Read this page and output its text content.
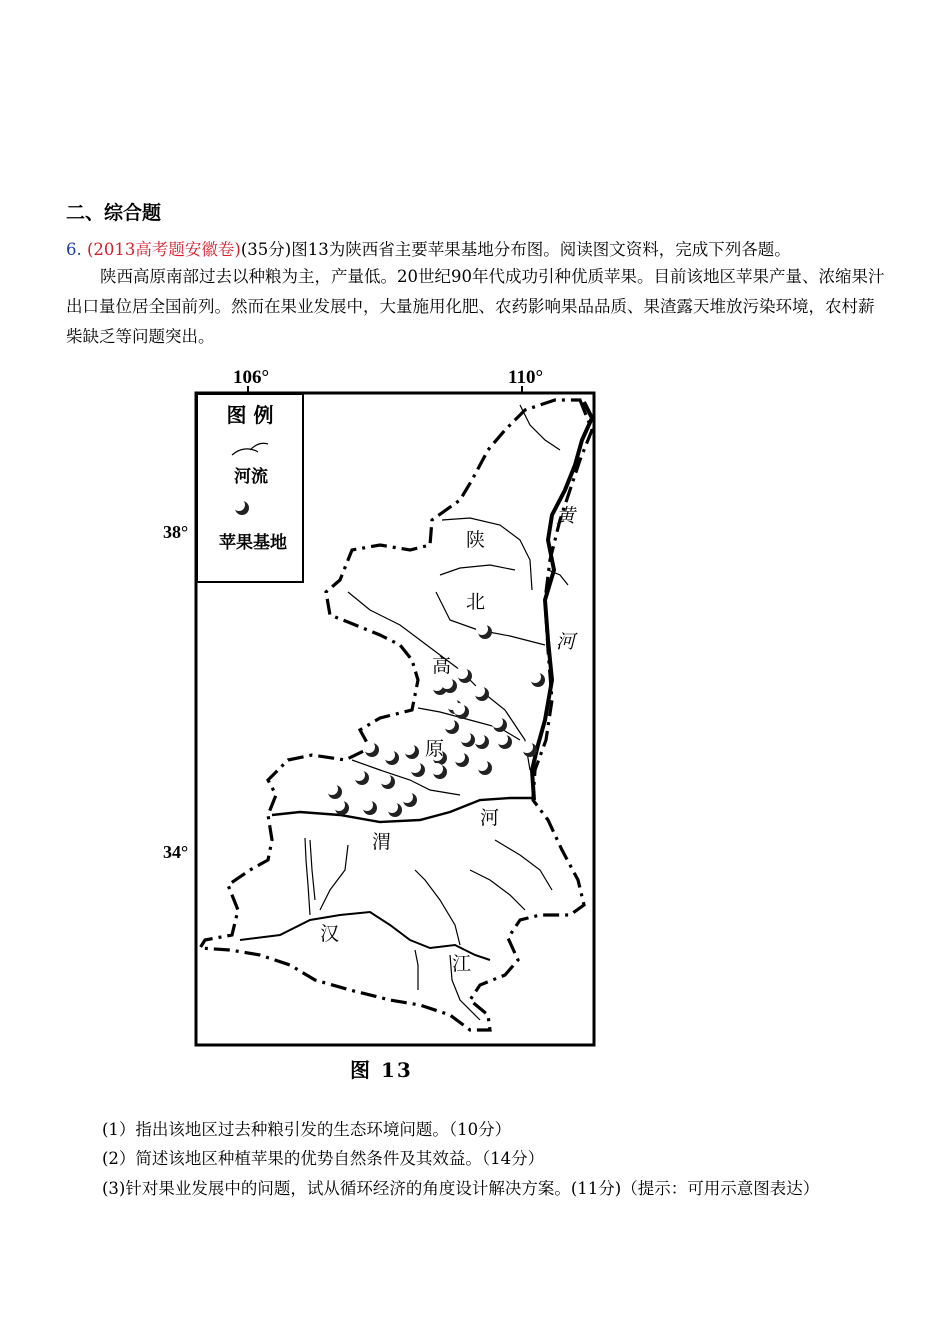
二、综合题
6. (2013高考题安徽卷)(35分)图13为陕西省主要苹果基地分布图。阅读图文资料，完成下列各题。
陕西高原南部过去以种粮为主，产量低。20世纪90年代成功引种优质苹果。目前该地区苹果产量、浓缩果汁出口量位居全国前列。然而在果业发展中，大量施用化肥、农药影响果品品质、果渣露天堆放污染环境，农村薪柴缺乏等问题突出。
106°	110°
38°
34°
图 例
河流
苹果基地	陕
北
高
原
渭
河
汉
江
黄
河
图 13
(1）指出该地区过去种粮引发的生态环境问题。（10分）
(2）简述该地区种植苹果的优势自然条件及其效益。（14分）
(3)针对果业发展中的问题，试从循环经济的角度设计解决方案。(11分)（提示：可用示意图表达）
